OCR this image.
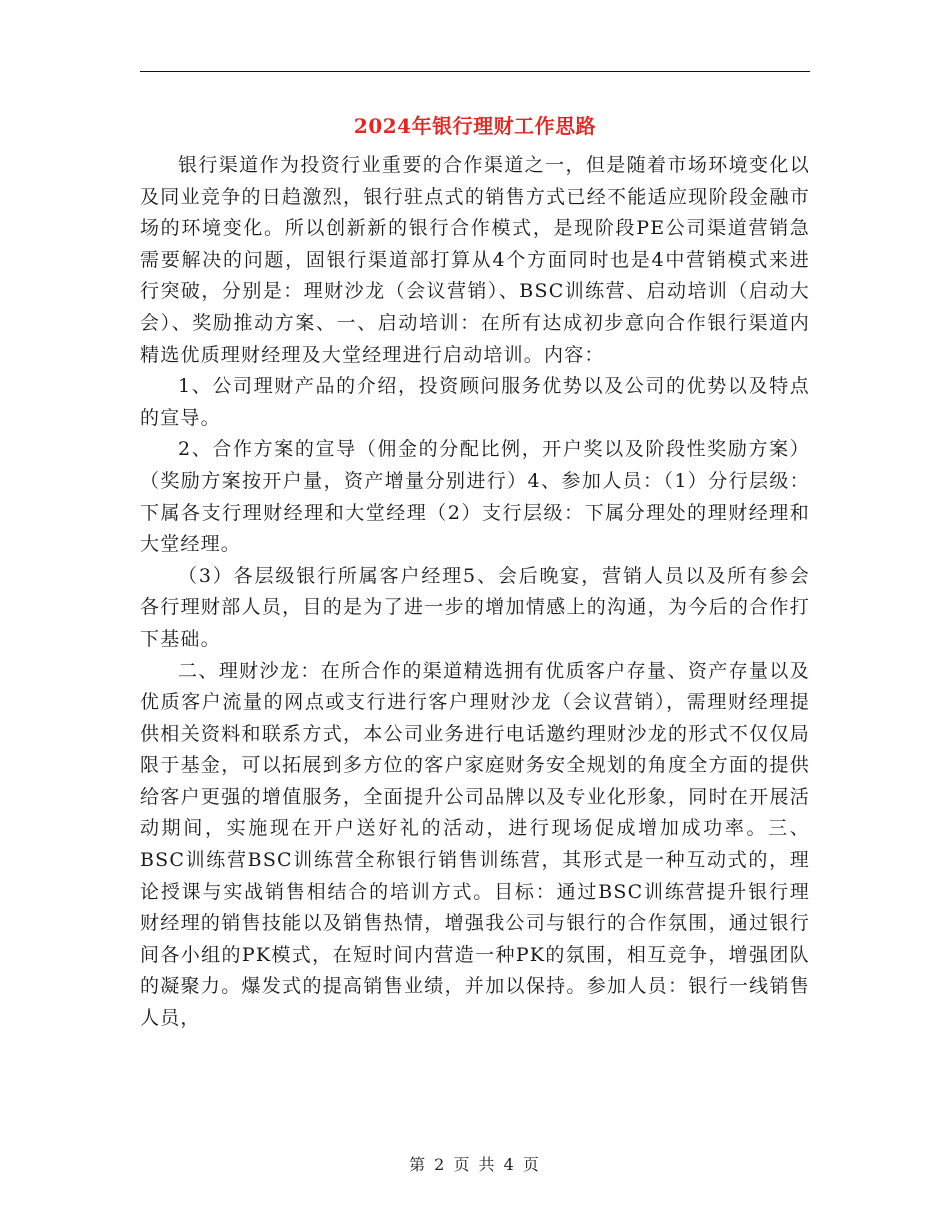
2024年银行理财工作思路

银行渠道作为投资行业重要的合作渠道之一，但是随着市场环境变化以及同业竞争的日趋激烈，银行驻点式的销售方式已经不能适应现阶段金融市场的环境变化。所以创新新的银行合作模式，是现阶段PE公司渠道营销急需要解决的问题，固银行渠道部打算从4个方面同时也是4中营销模式来进行突破，分别是：理财沙龙（会议营销）、BSC训练营、启动培训（启动大会）、奖励推动方案、一、启动培训：在所有达成初步意向合作银行渠道内精选优质理财经理及大堂经理进行启动培训。内容：

1、公司理财产品的介绍，投资顾问服务优势以及公司的优势以及特点的宣导。

2、合作方案的宣导（佣金的分配比例，开户奖以及阶段性奖励方案）（奖励方案按开户量，资产增量分别进行）4、参加人员：（1）分行层级：下属各支行理财经理和大堂经理（2）支行层级：下属分理处的理财经理和大堂经理。

（3）各层级银行所属客户经理5、会后晚宴，营销人员以及所有参会各行理财部人员，目的是为了进一步的增加情感上的沟通，为今后的合作打下基础。

二、理财沙龙：在所合作的渠道精选拥有优质客户存量、资产存量以及优质客户流量的网点或支行进行客户理财沙龙（会议营销），需理财经理提供相关资料和联系方式，本公司业务进行电话邀约理财沙龙的形式不仅仅局限于基金，可以拓展到多方位的客户家庭财务安全规划的角度全方面的提供给客户更强的增值服务，全面提升公司品牌以及专业化形象，同时在开展活动期间，实施现在开户送好礼的活动，进行现场促成增加成功率。三、BSC训练营BSC训练营全称银行销售训练营，其形式是一种互动式的，理论授课与实战销售相结合的培训方式。目标：通过BSC训练营提升银行理财经理的销售技能以及销售热情，增强我公司与银行的合作氛围，通过银行间各小组的PK模式，在短时间内营造一种PK的氛围，相互竞争，增强团队的凝聚力。爆发式的提高销售业绩，并加以保持。参加人员：银行一线销售人员，

第 2 页 共 4 页
